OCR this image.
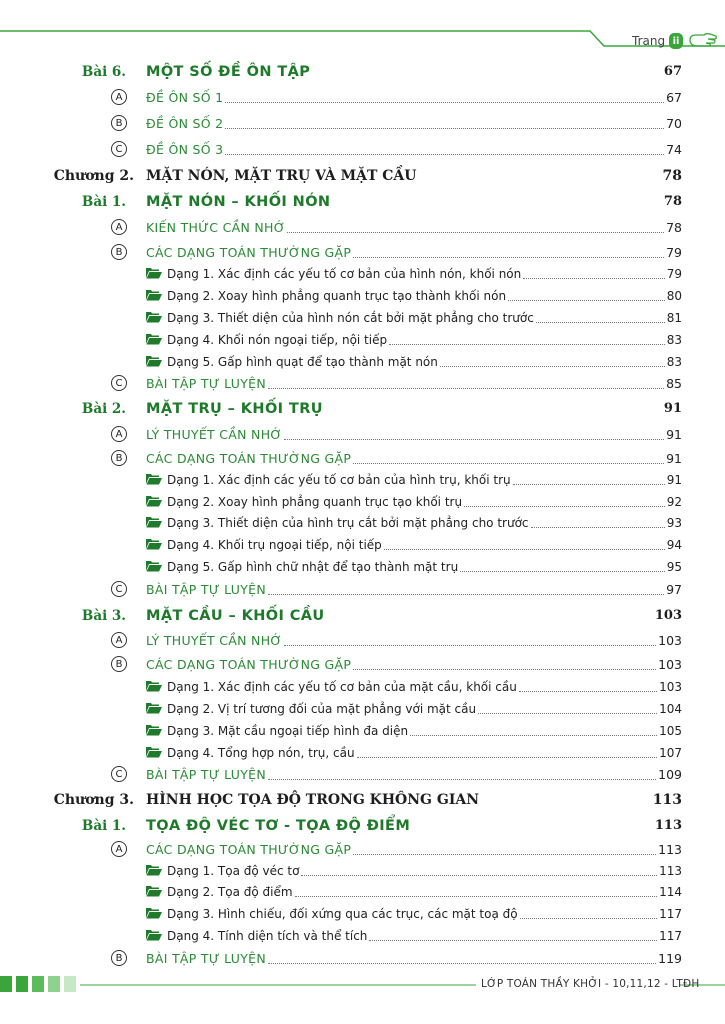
Trang ii
Bài 6. MỘT SỐ ĐỀ ÔN TẬP	67
A	ĐỀ ÔN SỐ 1	67
B	ĐỀ ÔN SỐ 2	70
C	ĐỀ ÔN SỐ 3	74
Chương 2. MẶT NÓN, MẶT TRỤ VÀ MẶT CẦU	78
Bài 1. MẶT NÓN – KHỐI NÓN	78
A	KIẾN THỨC CẦN NHỚ	78
B	CÁC DẠNG TOÁN THƯỜNG GẶP	79
Dạng 1. Xác định các yếu tố cơ bản của hình nón, khối nón	79
Dạng 2. Xoay hình phẳng quanh trục tạo thành khối nón	80
Dạng 3. Thiết diện của hình nón cắt bởi mặt phẳng cho trước	81
Dạng 4. Khối nón ngoại tiếp, nội tiếp	83
Dạng 5. Gấp hình quạt để tạo thành mặt nón	83
C	BÀI TẬP TỰ LUYỆN	85
Bài 2. MẶT TRỤ – KHỐI TRỤ	91
A	LÝ THUYẾT CẦN NHỚ	91
B	CÁC DẠNG TOÁN THƯỜNG GẶP	91
Dạng 1. Xác định các yếu tố cơ bản của hình trụ, khối trụ	91
Dạng 2. Xoay hình phẳng quanh trục tạo khối trụ	92
Dạng 3. Thiết diện của hình trụ cắt bởi mặt phẳng cho trước	93
Dạng 4. Khối trụ ngoại tiếp, nội tiếp	94
Dạng 5. Gấp hình chữ nhật để tạo thành mặt trụ	95
C	BÀI TẬP TỰ LUYỆN	97
Bài 3. MẶT CẦU – KHỐI CẦU	103
A	LÝ THUYẾT CẦN NHỚ	103
B	CÁC DẠNG TOÁN THƯỜNG GẶP	103
Dạng 1. Xác định các yếu tố cơ bản của mặt cầu, khối cầu	103
Dạng 2. Vị trí tương đối của mặt phẳng với mặt cầu	104
Dạng 3. Mặt cầu ngoại tiếp hình đa diện	105
Dạng 4. Tổng hợp nón, trụ, cầu	107
C	BÀI TẬP TỰ LUYỆN	109
Chương 3. HÌNH HỌC TỌA ĐỘ TRONG KHÔNG GIAN	113
Bài 1. TỌA ĐỘ VÉC TƠ - TỌA ĐỘ ĐIỂM	113
A	CÁC DẠNG TOÁN THƯỜNG GẶP	113
Dạng 1. Tọa độ véc tơ	113
Dạng 2. Tọa độ điểm	114
Dạng 3. Hình chiếu, đối xứng qua các trục, các mặt toạ độ	117
Dạng 4. Tính diện tích và thể tích	117
B	BÀI TẬP TỰ LUYỆN	119
LỚP TOÁN THẦY KHỞI - 10,11,12 - LTĐH
